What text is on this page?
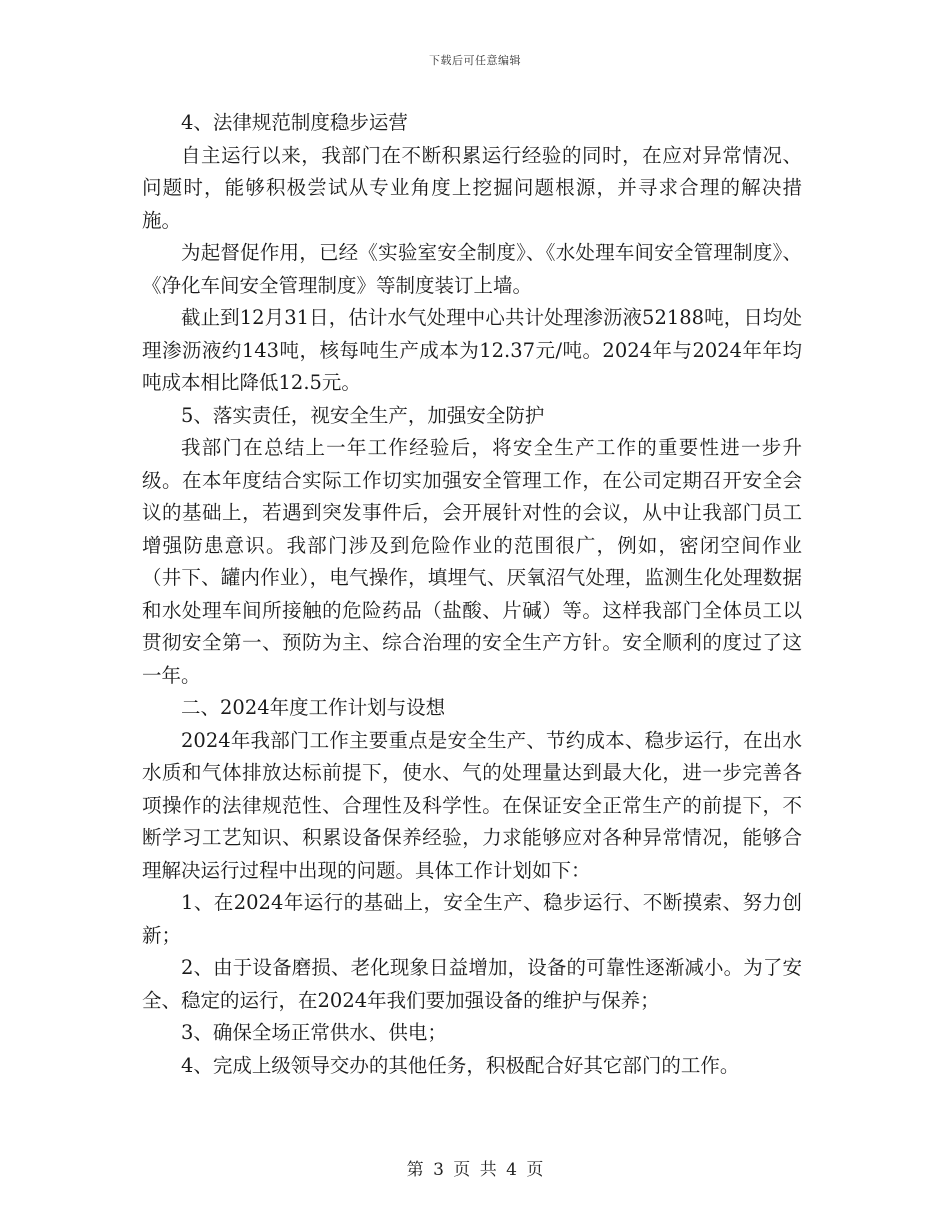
下载后可任意编辑

4、法律规范制度稳步运营

自主运行以来，我部门在不断积累运行经验的同时，在应对异常情况、问题时，能够积极尝试从专业角度上挖掘问题根源，并寻求合理的解决措施。

为起督促作用，已经《实验室安全制度》、《水处理车间安全管理制度》、《净化车间安全管理制度》等制度装订上墙。

截止到12月31日，估计水气处理中心共计处理渗沥液52188吨，日均处理渗沥液约143吨，核每吨生产成本为12.37元/吨。2024年与2024年年均吨成本相比降低12.5元。

5、落实责任，视安全生产，加强安全防护

我部门在总结上一年工作经验后，将安全生产工作的重要性进一步升级。在本年度结合实际工作切实加强安全管理工作，在公司定期召开安全会议的基础上，若遇到突发事件后，会开展针对性的会议，从中让我部门员工增强防患意识。我部门涉及到危险作业的范围很广，例如，密闭空间作业（井下、罐内作业），电气操作，填埋气、厌氧沼气处理，监测生化处理数据和水处理车间所接触的危险药品（盐酸、片碱）等。这样我部门全体员工以贯彻安全第一、预防为主、综合治理的安全生产方针。安全顺利的度过了这一年。

二、2024年度工作计划与设想

2024年我部门工作主要重点是安全生产、节约成本、稳步运行，在出水水质和气体排放达标前提下，使水、气的处理量达到最大化，进一步完善各项操作的法律规范性、合理性及科学性。在保证安全正常生产的前提下，不断学习工艺知识、积累设备保养经验，力求能够应对各种异常情况，能够合理解决运行过程中出现的问题。具体工作计划如下：

1、在2024年运行的基础上，安全生产、稳步运行、不断摸索、努力创新；

2、由于设备磨损、老化现象日益增加，设备的可靠性逐渐减小。为了安全、稳定的运行，在2024年我们要加强设备的维护与保养；

3、确保全场正常供水、供电；

4、完成上级领导交办的其他任务，积极配合好其它部门的工作。

第 3 页 共 4 页
